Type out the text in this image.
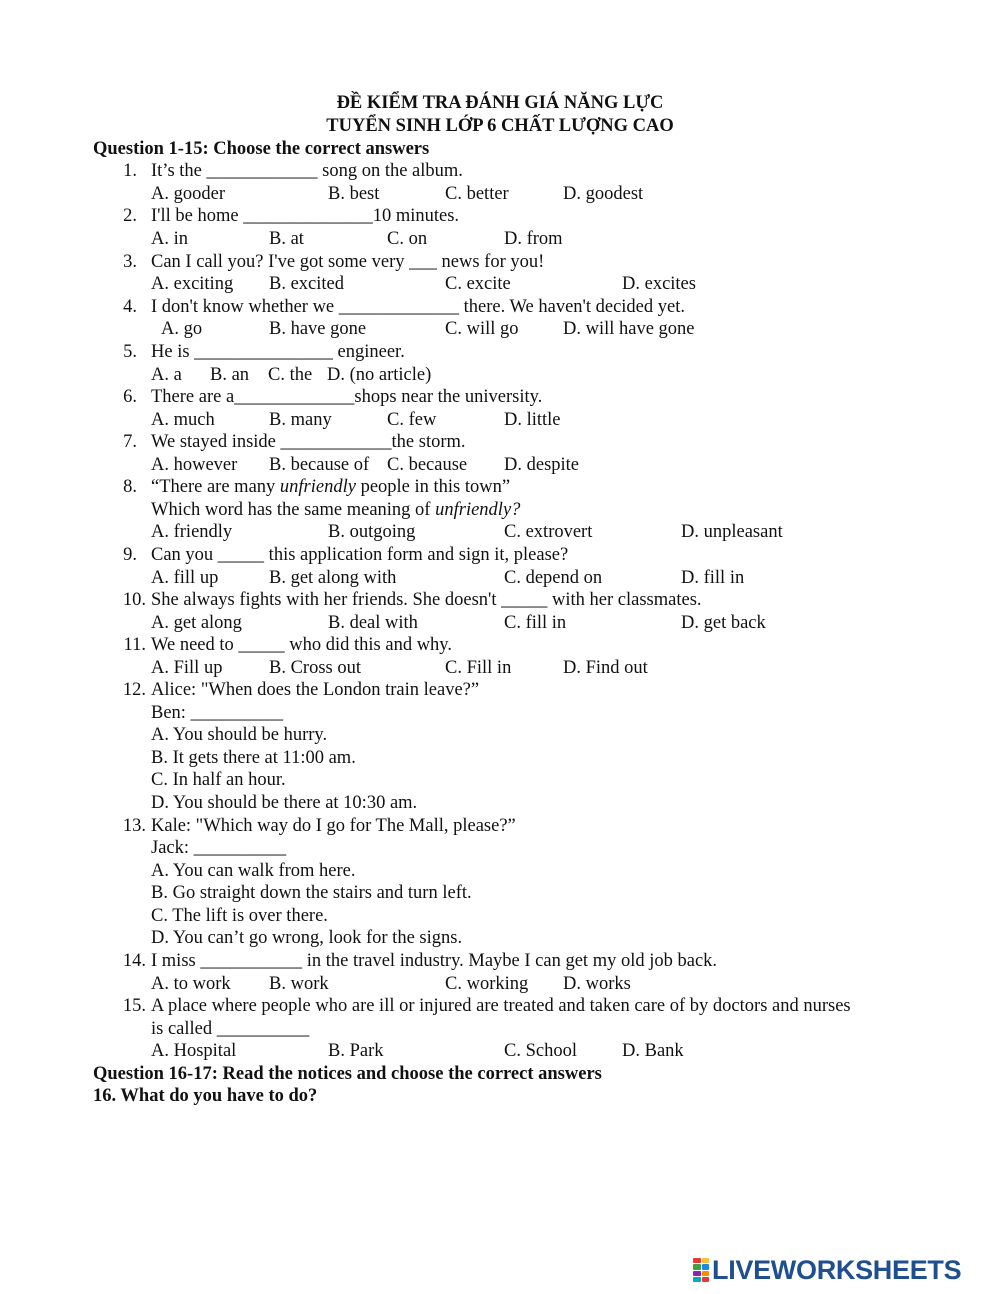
ĐỀ KIỂM TRA ĐÁNH GIÁ NĂNG LỰC
TUYỂN SINH LỚP 6 CHẤT LƯỢNG CAO
Question 1-15: Choose the correct answers
1. It’s the ____________ song on the album.
A. gooder	B. best	C. better	D. goodest
2. I'll be home ______________10 minutes.
A. in	B. at	C. on	D. from
3. Can I call you? I've got some very ___ news for you!
A. exciting B. excited	C. excite	D. excites
4. I don't know whether we _____________ there. We haven't decided yet.
A. go	B. have gone	C. will go D. will have gone
5. He is _______________ engineer.
A. a B. an C. the D. (no article)
6. There are a_____________shops near the university.
A. much	B. many	C. few	D. little
7. We stayed inside ____________the storm.
A. however B. because of C. because D. despite
8. “There are many unfriendly people in this town”
Which word has the same meaning of unfriendly?
A. friendly	B. outgoing	C. extrovert	D. unpleasant
9. Can you _____ this application form and sign it, please?
A. fill up	B. get along with	C. depend on	D. fill in
10. She always fights with her friends. She doesn't _____ with her classmates.
A. get along	B. deal with	C. fill in	D. get back
11. We need to _____ who did this and why.
A. Fill up	B. Cross out	C. Fill in	D. Find out
12. Alice: "When does the London train leave?”
Ben: __________
A. You should be hurry.
B. It gets there at 11:00 am.
C. In half an hour.
D. You should be there at 10:30 am.
13. Kale: "Which way do I go for The Mall, please?”
Jack: __________
A. You can walk from here.
B. Go straight down the stairs and turn left.
C. The lift is over there.
D. You can’t go wrong, look for the signs.
14. I miss ___________ in the travel industry. Maybe I can get my old job back.
A. to work B. work	C. working D. works
15. A place where people who are ill or injured are treated and taken care of by doctors and nurses
is called __________
A. Hospital	B. Park	C. School D. Bank
Question 16-17: Read the notices and choose the correct answers
16. What do you have to do?
LIVEWORKSHEETS
